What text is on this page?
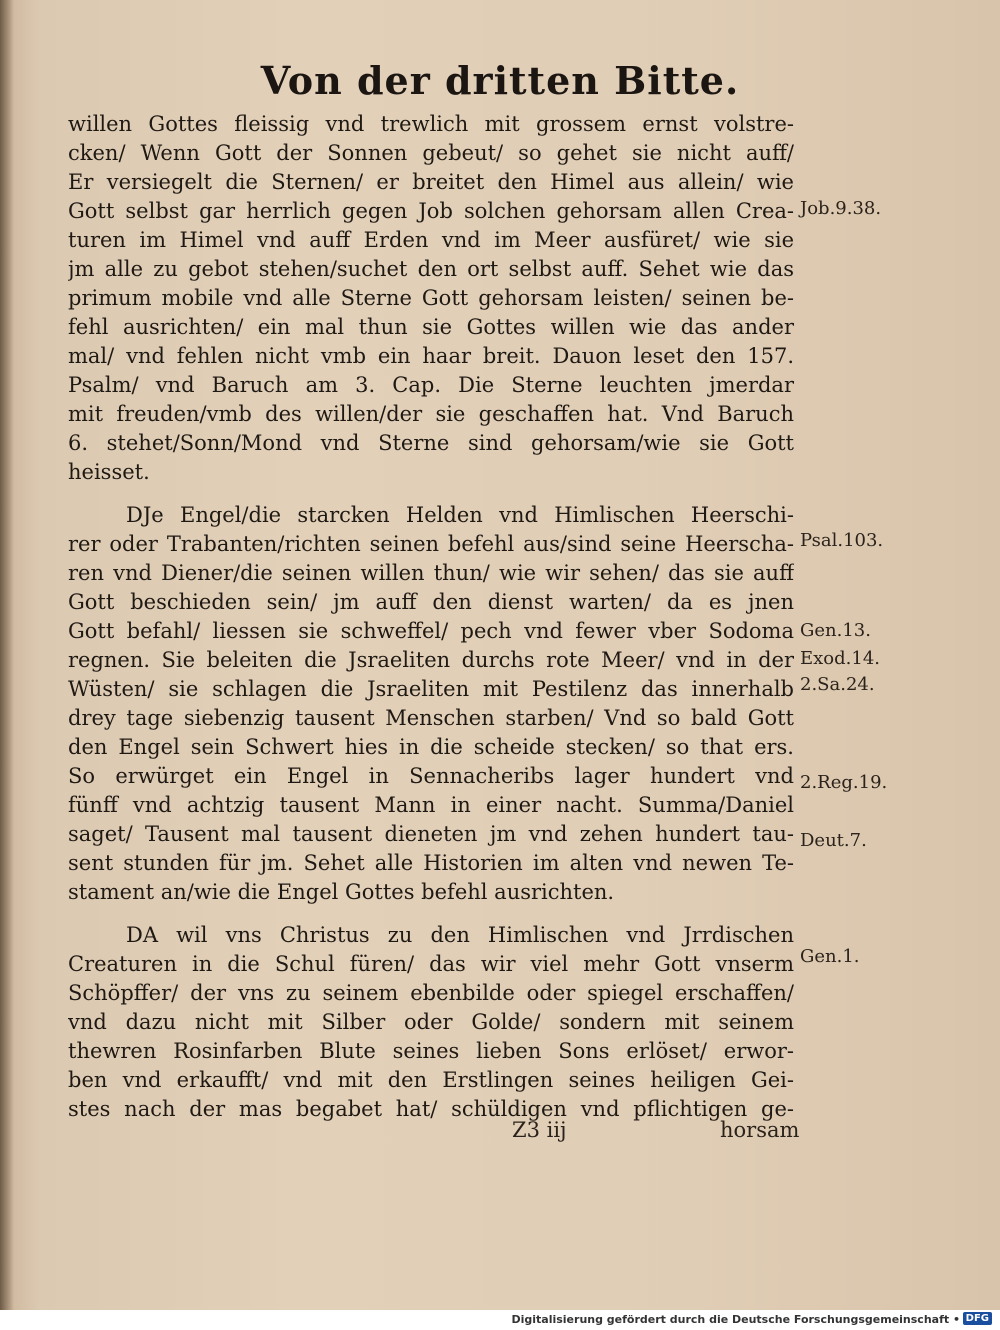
Von der dritten Bitte.
willen Gottes fleissig vnd trewlich mit grossem ernst volstre-
cken/ Wenn Gott der Sonnen gebeut/ so gehet sie nicht auff/
Er versiegelt die Sternen/ er breitet den Himel aus allein/ wie
Gott selbst gar herrlich gegen Job solchen gehorsam allen Crea-
turen im Himel vnd auff Erden vnd im Meer ausfüret/ wie sie
jm alle zu gebot stehen/suchet den ort selbst auff. Sehet wie das
primum mobile vnd alle Sterne Gott gehorsam leisten/ seinen be-
fehl ausrichten/ ein mal thun sie Gottes willen wie das ander
mal/ vnd fehlen nicht vmb ein haar breit. Dauon leset den 157.
Psalm/ vnd Baruch am 3. Cap. Die Sterne leuchten jmerdar
mit freuden/vmb des willen/der sie geschaffen hat. Vnd Baruch
6. stehet/Sonn/Mond vnd Sterne sind gehorsam/wie sie Gott
heisset.
DJe Engel/die starcken Helden vnd Himlischen Heerschi-
rer oder Trabanten/richten seinen befehl aus/sind seine Heerscha-
ren vnd Diener/die seinen willen thun/ wie wir sehen/ das sie auff
Gott beschieden sein/ jm auff den dienst warten/ da es jnen
Gott befahl/ liessen sie schweffel/ pech vnd fewer vber Sodoma
regnen. Sie beleiten die Jsraeliten durchs rote Meer/ vnd in der
Wüsten/ sie schlagen die Jsraeliten mit Pestilenz das innerhalb
drey tage siebenzig tausent Menschen starben/ Vnd so bald Gott
den Engel sein Schwert hies in die scheide stecken/ so that ers.
So erwürget ein Engel in Sennacheribs lager hundert vnd
fünff vnd achtzig tausent Mann in einer nacht. Summa/Daniel
saget/ Tausent mal tausent dieneten jm vnd zehen hundert tau-
sent stunden für jm. Sehet alle Historien im alten vnd newen Te-
stament an/wie die Engel Gottes befehl ausrichten.
DA wil vns Christus zu den Himlischen vnd Jrrdischen
Creaturen in die Schul füren/ das wir viel mehr Gott vnserm
Schöpffer/ der vns zu seinem ebenbilde oder spiegel erschaffen/
vnd dazu nicht mit Silber oder Golde/ sondern mit seinem
thewren Rosinfarben Blute seines lieben Sons erlöset/ erwor-
ben vnd erkaufft/ vnd mit den Erstlingen seines heiligen Gei-
stes nach der mas begabet hat/ schüldigen vnd pflichtigen ge-
Job.9.38.
Psal.103.
Gen.13.
Exod.14.
2.Sa.24.
2.Reg.19.
Deut.7.
Gen.1.
Z3 iij	horsam
Digitalisierung gefördert durch die Deutsche Forschungsgemeinschaft • DFG
